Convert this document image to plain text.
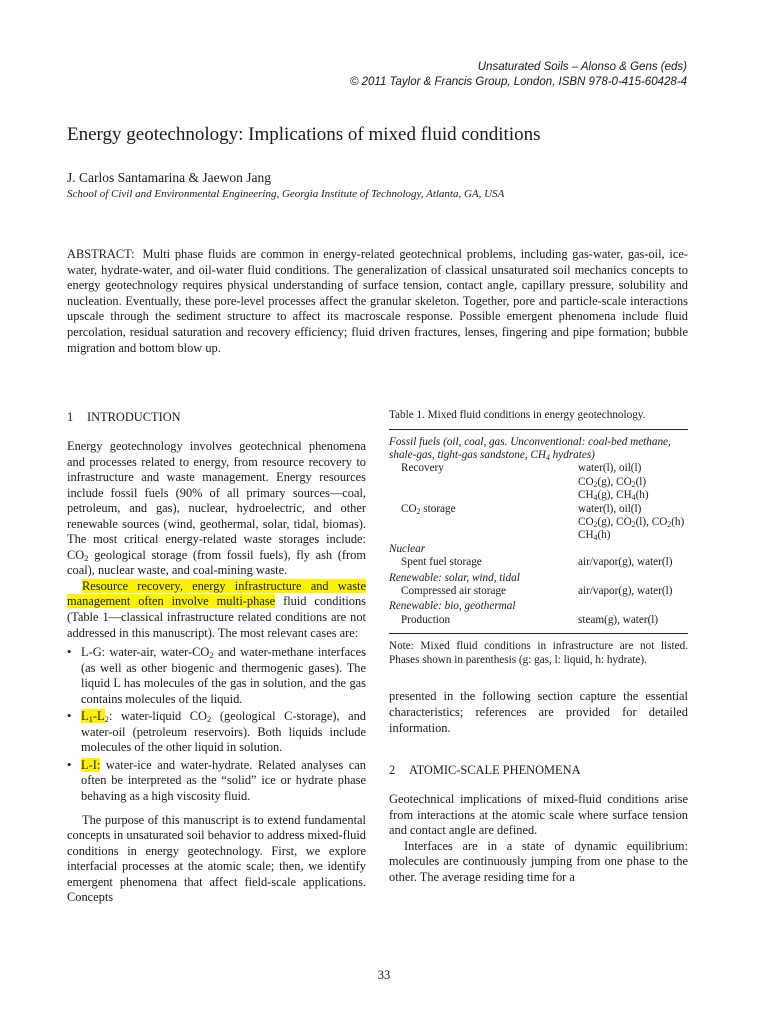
Unsaturated Soils – Alonso & Gens (eds)
© 2011 Taylor & Francis Group, London, ISBN 978-0-415-60428-4
Energy geotechnology: Implications of mixed fluid conditions
J. Carlos Santamarina & Jaewon Jang
School of Civil and Environmental Engineering, Georgia Institute of Technology, Atlanta, GA, USA
ABSTRACT: Multi phase fluids are common in energy-related geotechnical problems, including gas-water, gas-oil, ice-water, hydrate-water, and oil-water fluid conditions. The generalization of classical unsaturated soil mechanics concepts to energy geotechnology requires physical understanding of surface tension, contact angle, capillary pressure, solubility and nucleation. Eventually, these pore-level processes affect the granular skeleton. Together, pore and particle-scale interactions upscale through the sediment structure to affect its macroscale response. Possible emergent phenomena include fluid percolation, residual saturation and recovery efficiency; fluid driven fractures, lenses, fingering and pipe formation; bubble migration and bottom blow up.
1 INTRODUCTION

Energy geotechnology involves geotechnical phenomena and processes related to energy, from resource recovery to infrastructure and waste management. Energy resources include fossil fuels (90% of all primary sources—coal, petroleum, and gas), nuclear, hydroelectric, and other renewable sources (wind, geothermal, solar, tidal, biomas). The most critical energy-related waste storages include: $CO_2$ geological storage (from fossil fuels), fly ash (from coal), nuclear waste, and coal-mining waste.

Resource recovery, energy infrastructure and waste management often involve multi-phase fluid conditions (Table 1—classical infrastructure related conditions are not addressed in this manuscript). The most relevant cases are:

• L-G: water-air, water-$CO_2$ and water-methane interfaces (as well as other biogenic and thermogenic gases). The liquid L has molecules of the gas in solution, and the gas contains molecules of the liquid.
• $L_1-L_2$: water-liquid $CO_2$ (geological C-storage), and water-oil (petroleum reservoirs). Both liquids include molecules of the other liquid in solution.
• L-I: water-ice and water-hydrate. Related analyses can often be interpreted as the “solid” ice or hydrate phase behaving as a high viscosity fluid.

The purpose of this manuscript is to extend fundamental concepts in unsaturated soil behavior to address mixed-fluid conditions in energy geotechnology. First, we explore interfacial processes at the atomic scale; then, we identify emergent phenomena that affect field-scale applications. Concepts

Table 1. Mixed fluid conditions in energy geotechnology.

Fossil fuels (oil, coal, gas. Unconventional: coal-bed methane, shale-gas, tight-gas sandstone, $CH_4$ hydrates)
Recovery	water(l), oil(l)
$CO_2(g)$, $CO_2(l)$
$CH_4(g)$, $CH_4(h)$
$CO_2$ storage	water(l), oil(l)
$CO_2(g)$, $CO_2(l)$, $CO_2(h)$
$CH_4(h)$
Nuclear
Spent fuel storage	air/vapor(g), water(l)
Renewable: solar, wind, tidal
Compressed air storage	air/vapor(g), water(l)
Renewable: bio, geothermal
Production	steam(g), water(l)

Note: Mixed fluid conditions in infrastructure are not listed. Phases shown in parenthesis (g: gas, l: liquid, h: hydrate).

presented in the following section capture the essential characteristics; references are provided for detailed information.

2 ATOMIC-SCALE PHENOMENA

Geotechnical implications of mixed-fluid conditions arise from interactions at the atomic scale where surface tension and contact angle are defined.

Interfaces are in a state of dynamic equilibrium: molecules are continuously jumping from one phase to the other. The average residing time for a

33
